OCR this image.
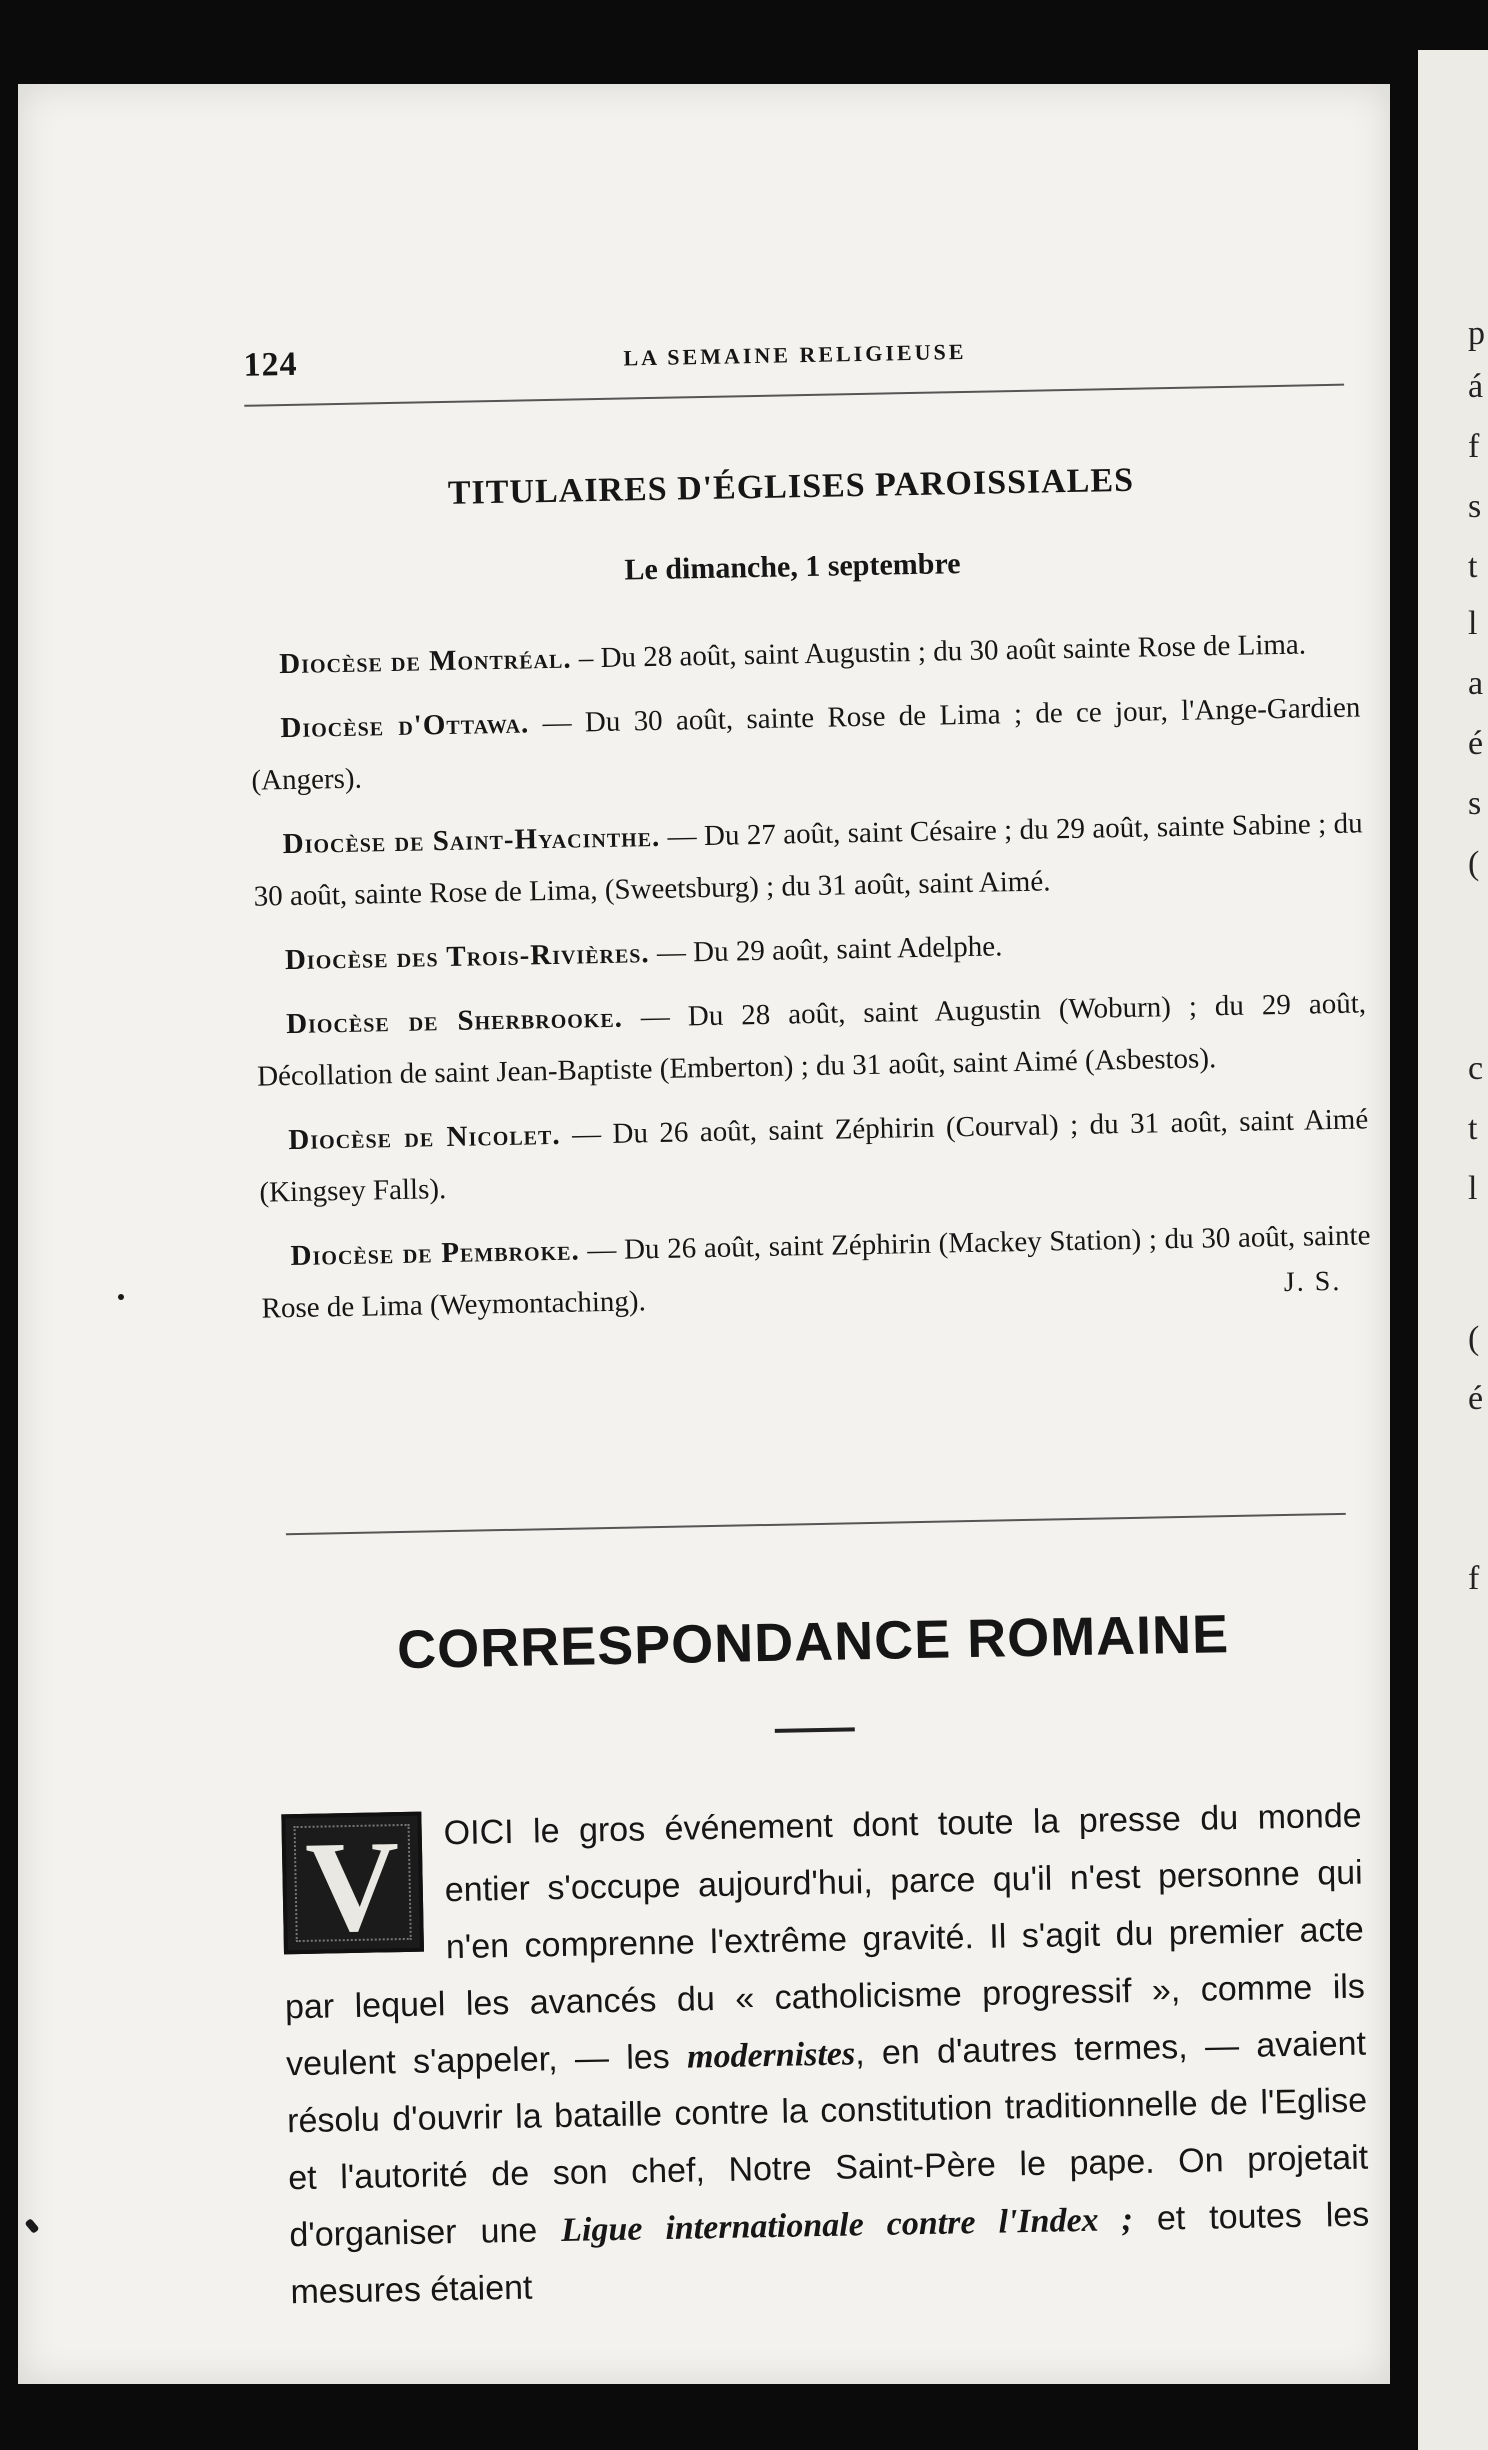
124	LA SEMAINE RELIGIEUSE
TITULAIRES D'ÉGLISES PAROISSIALES
Le dimanche, 1 septembre

Diocèse de Montréal. – Du 28 août, saint Augustin ; du 30 août sainte Rose de Lima.

Diocèse d'Ottawa. — Du 30 août, sainte Rose de Lima ; de ce jour, l'Ange-Gardien (Angers).

Diocèse de Saint-Hyacinthe. — Du 27 août, saint Césaire ; du 29 août, sainte Sabine ; du 30 août, sainte Rose de Lima, (Sweetsburg) ; du 31 août, saint Aimé.

Diocèse des Trois-Rivières. — Du 29 août, saint Adelphe.

Diocèse de Sherbrooke. — Du 28 août, saint Augustin (Woburn) ; du 29 août, Décollation de saint Jean-Baptiste (Emberton) ; du 31 août, saint Aimé (Asbestos).

Diocèse de Nicolet. — Du 26 août, saint Zéphirin (Courval) ; du 31 août, saint Aimé (Kingsey Falls).

Diocèse de Pembroke. — Du 26 août, saint Zéphirin (Mackey Station) ; du 30 août, sainte Rose de Lima (Weymontaching).

J. S.
CORRESPONDANCE ROMAINE
V	OICI le gros événement dont toute la presse du monde entier s'occupe aujourd'hui, parce qu'il n'est personne qui n'en comprenne l'extrême gravité. Il s'agit du premier acte par lequel les avancés du « catholicisme progressif », comme ils veulent s'appeler, — les modernistes, en d'autres termes, — avaient résolu d'ouvrir la bataille contre la constitution traditionnelle de l'Eglise et l'autorité de son chef, Notre Saint-Père le pape. On projetait d'organiser une Ligue internationale contre l'Index ; et toutes les mesures étaient
p
á
f
s
t
l
a
é
s
(
c
t
l
(
é
f
